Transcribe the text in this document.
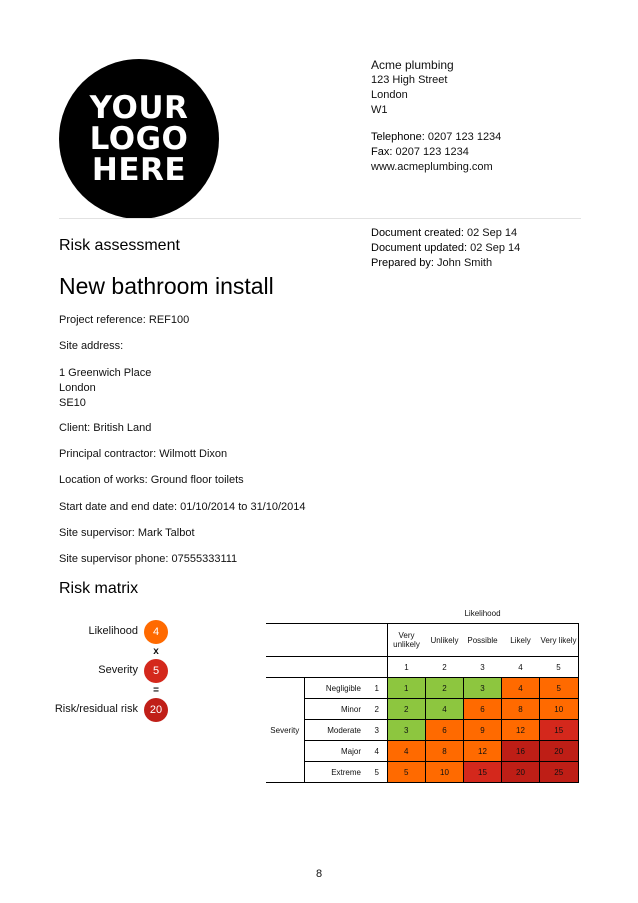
YOUR
LOGO
HERE
Acme plumbing
123 High Street
London
W1
Telephone: 0207 123 1234
Fax: 0207 123 1234
www.acmeplumbing.com
Document created: 02 Sep 14
Document updated: 02 Sep 14
Prepared by: John Smith
Risk assessment
New bathroom install
Project reference: REF100
Site address:
1 Greenwich Place
London
SE10
Client: British Land
Principal contractor: Wilmott Dixon
Location of works: Ground floor toilets
Start date and end date: 01/10/2014 to 31/10/2014
Site supervisor: Mark Talbot
Site supervisor phone: 07555333111
Risk matrix
Likelihood	4
x
Severity	5
=
Risk/residual risk	20
			Likelihood				
			Very unlikely	Unlikely	Possible	Likely	Very likely
			1	2	3	4	5
Severity	Negligible	1	1	2	3	4	5
	Minor	2	2	4	6	8	10
	Moderate	3	3	6	9	12	15
	Major	4	4	8	12	16	20
	Extreme	5	5	10	15	20	25
8
